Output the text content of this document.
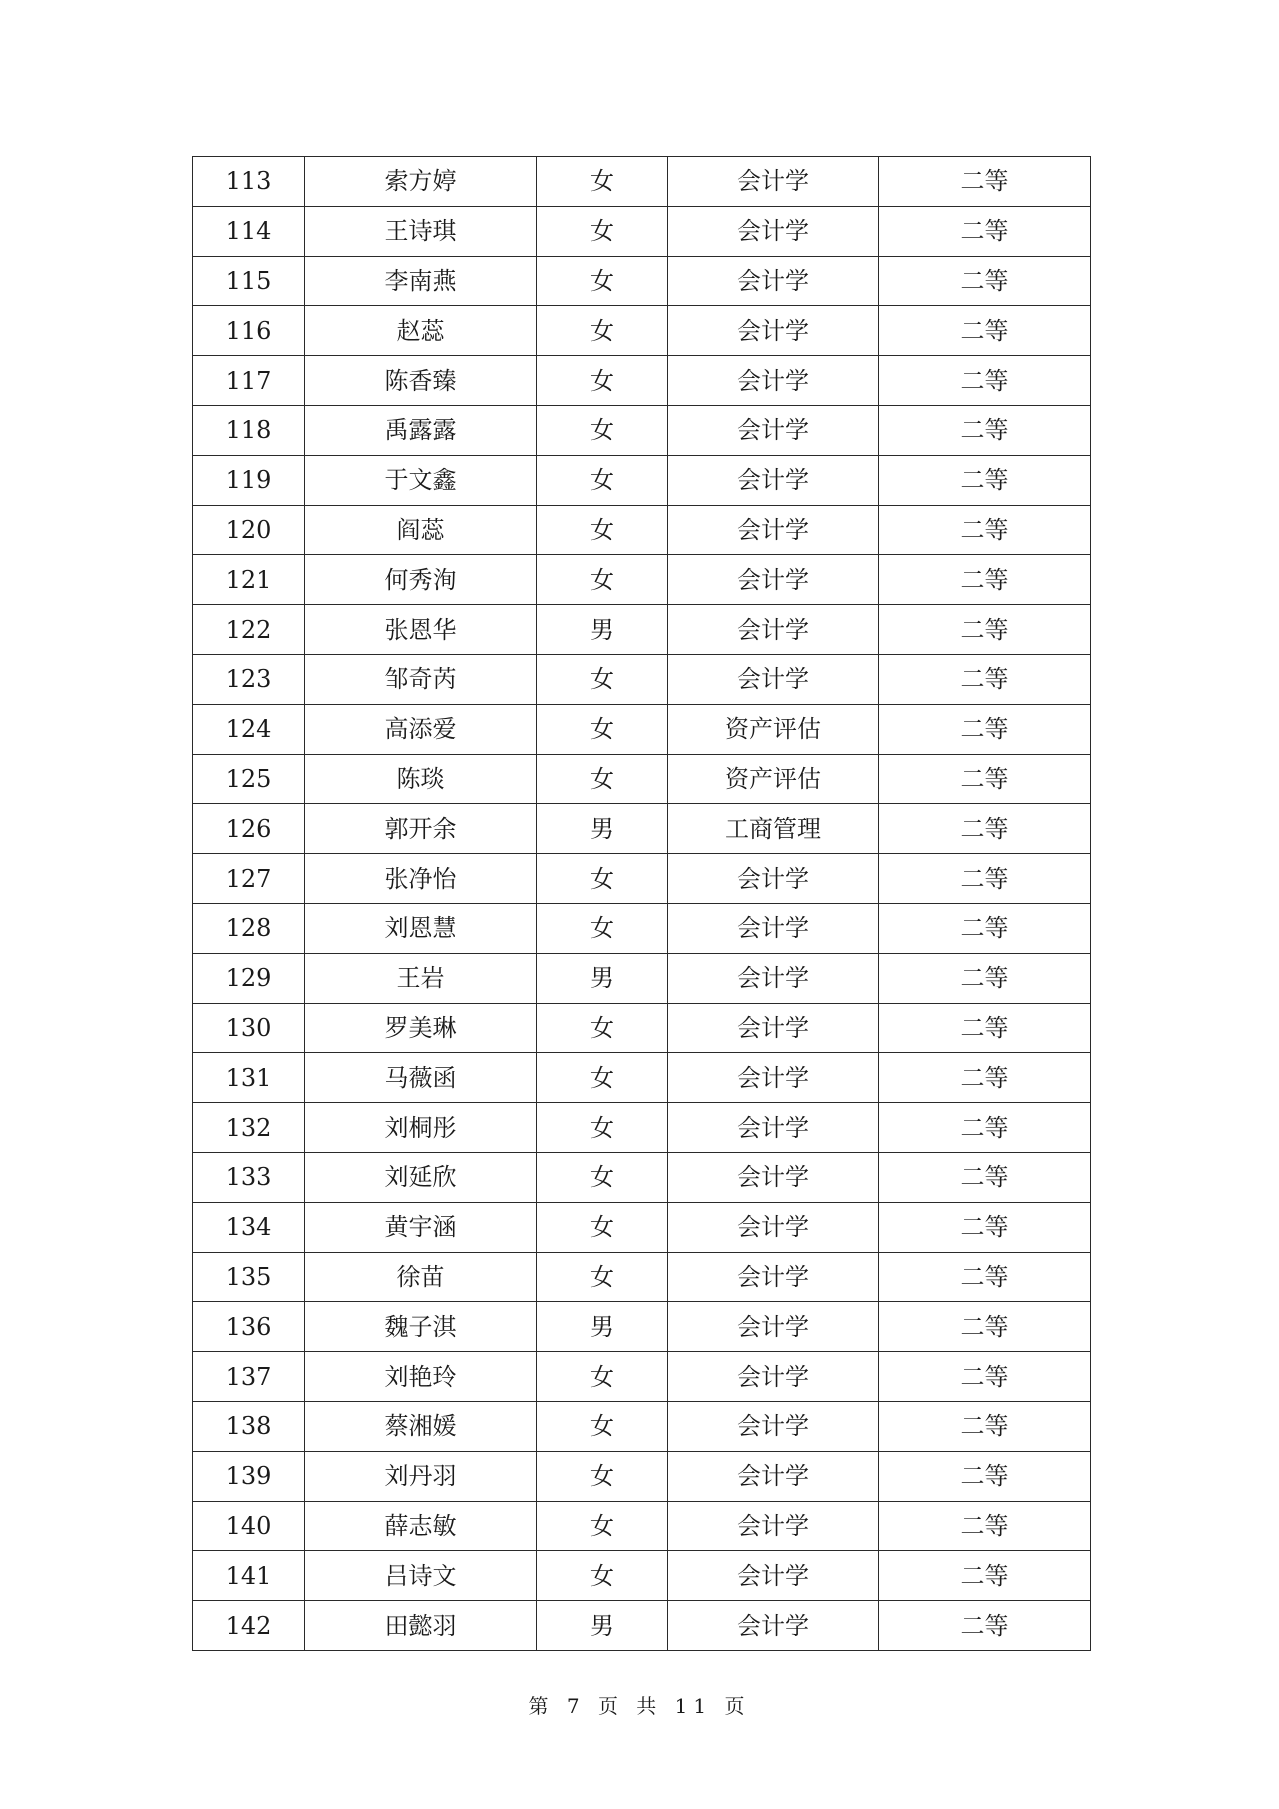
113	索方婷	女	会计学	二等
114	王诗琪	女	会计学	二等
115	李南燕	女	会计学	二等
116	赵蕊	女	会计学	二等
117	陈香臻	女	会计学	二等
118	禹露露	女	会计学	二等
119	于文鑫	女	会计学	二等
120	阎蕊	女	会计学	二等
121	何秀洵	女	会计学	二等
122	张恩华	男	会计学	二等
123	邹奇芮	女	会计学	二等
124	高添爱	女	资产评估	二等
125	陈琰	女	资产评估	二等
126	郭开余	男	工商管理	二等
127	张净怡	女	会计学	二等
128	刘恩慧	女	会计学	二等
129	王岩	男	会计学	二等
130	罗美琳	女	会计学	二等
131	马薇函	女	会计学	二等
132	刘桐彤	女	会计学	二等
133	刘延欣	女	会计学	二等
134	黄宇涵	女	会计学	二等
135	徐苗	女	会计学	二等
136	魏子淇	男	会计学	二等
137	刘艳玲	女	会计学	二等
138	蔡湘媛	女	会计学	二等
139	刘丹羽	女	会计学	二等
140	薛志敏	女	会计学	二等
141	吕诗文	女	会计学	二等
142	田懿羽	男	会计学	二等
第 7 页 共 11 页
